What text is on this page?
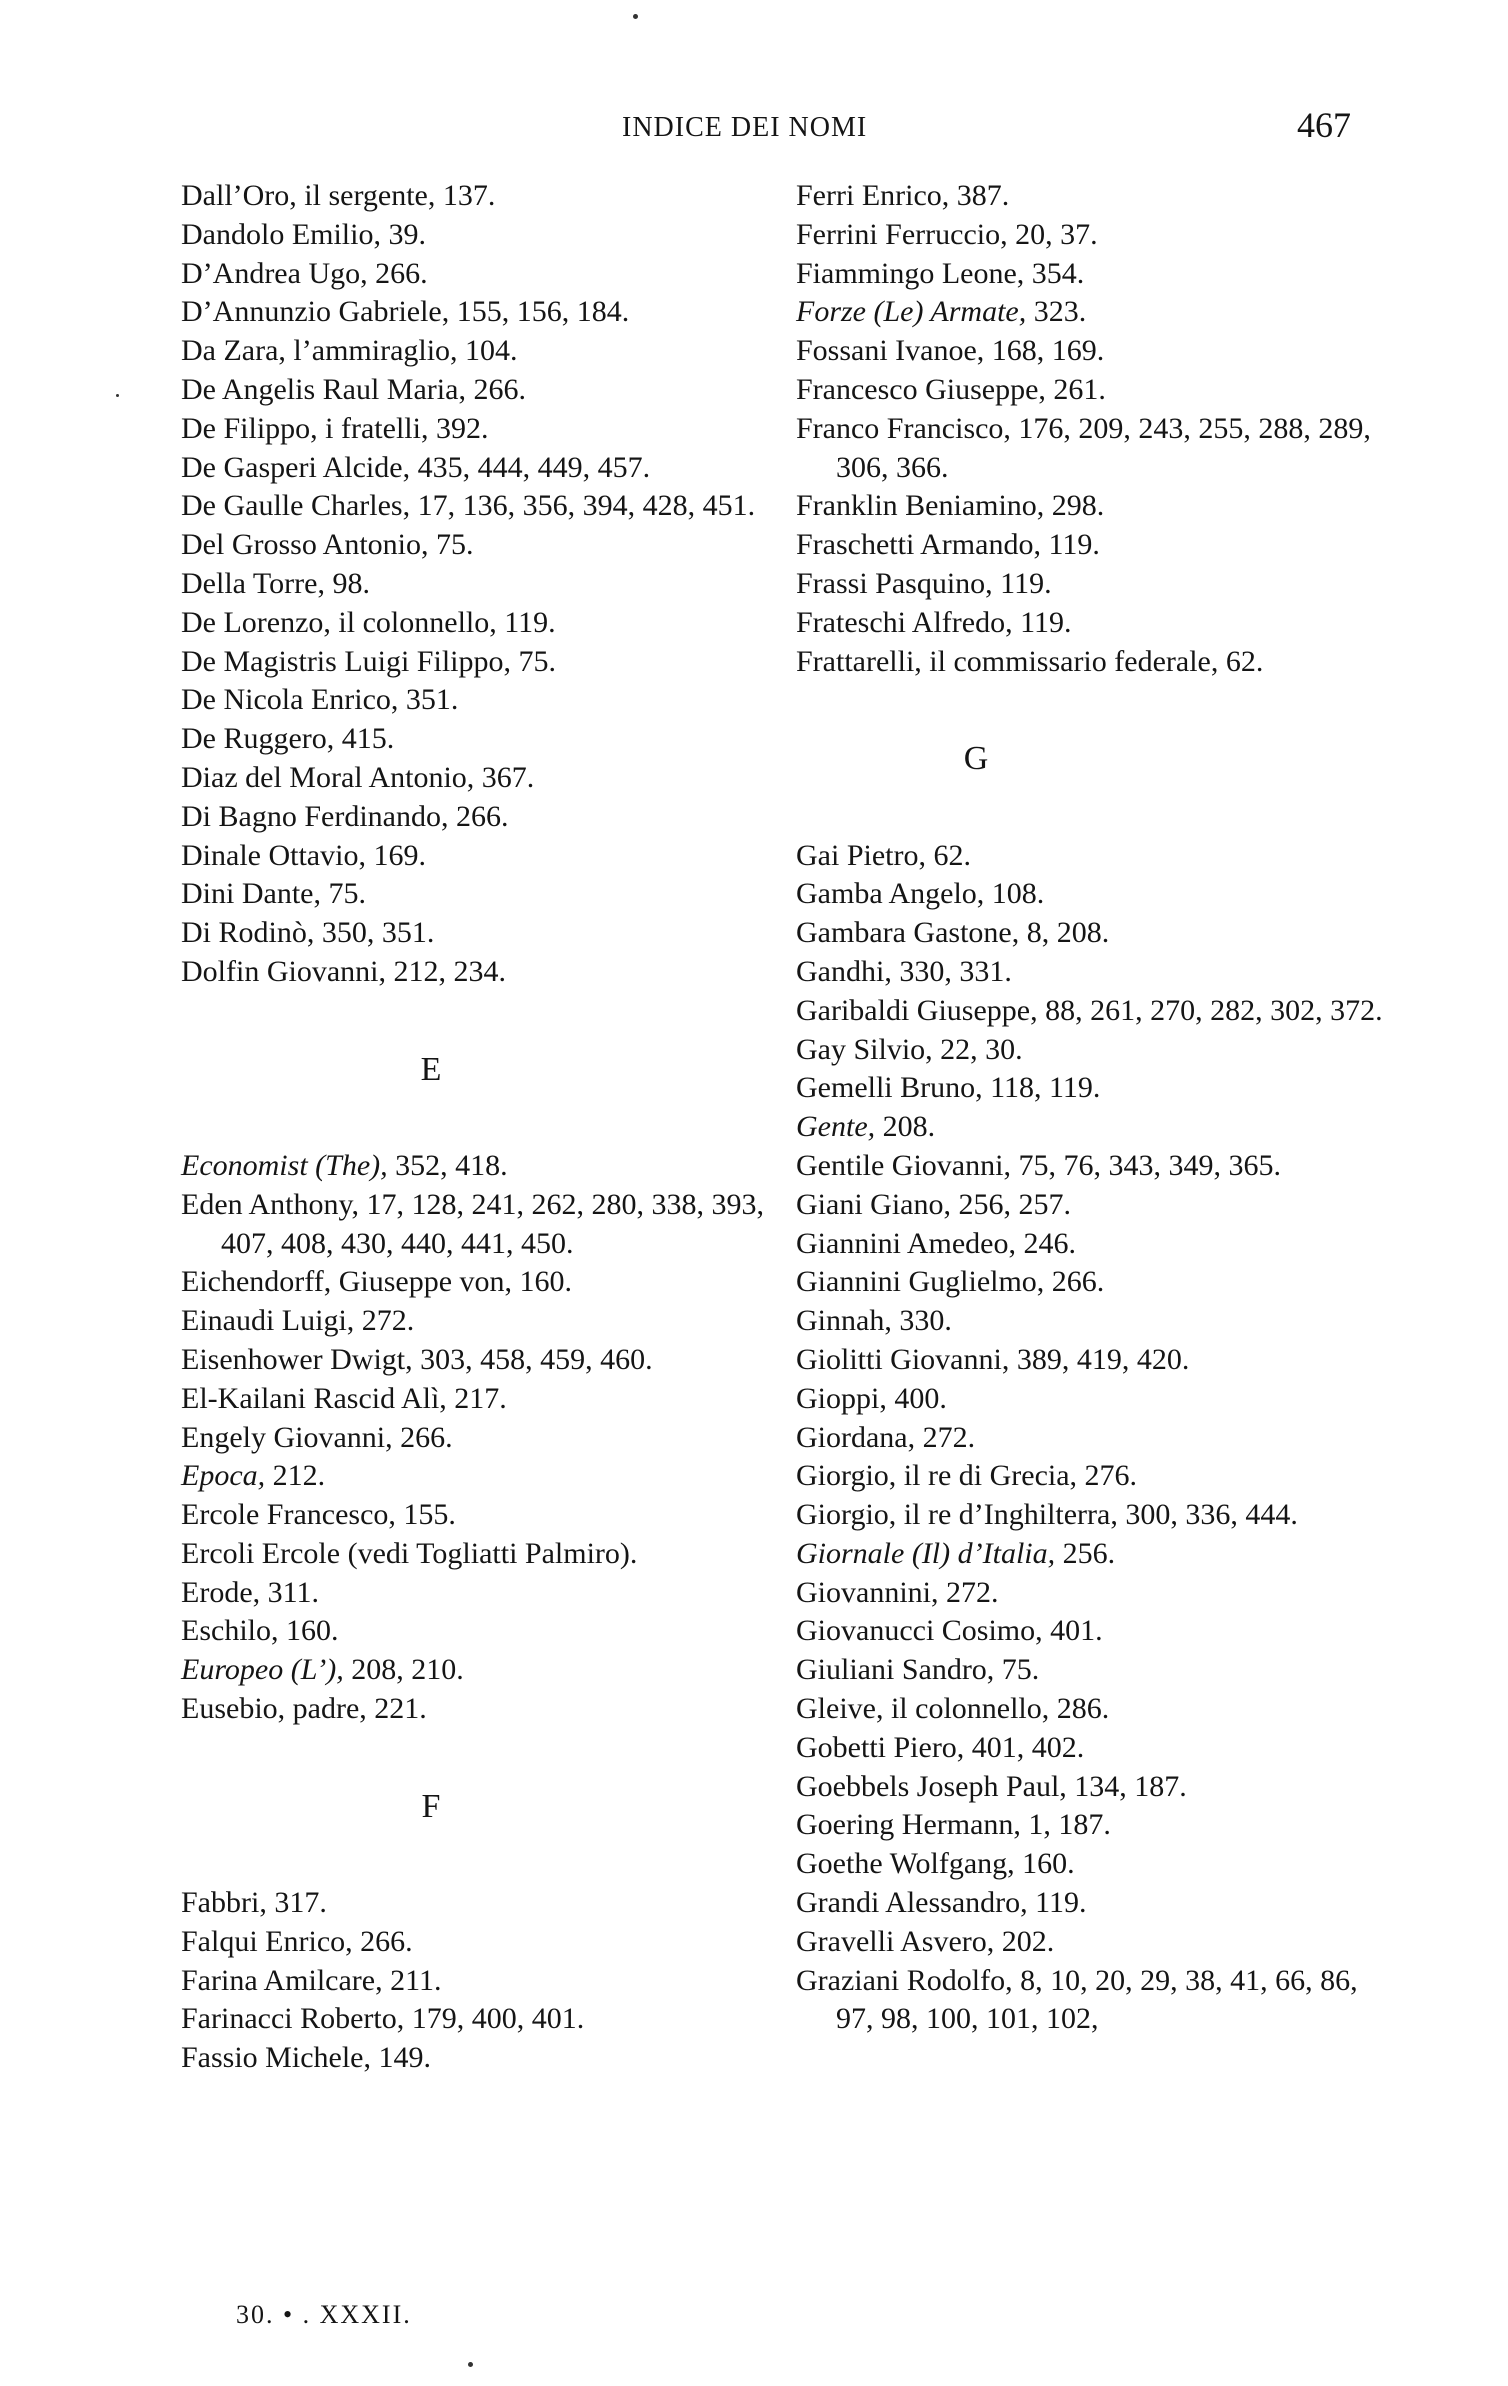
INDICE DEI NOMI	467
Dall’Oro, il sergente, 137.
Dandolo Emilio, 39.
D’Andrea Ugo, 266.
D’Annunzio Gabriele, 155, 156, 184.
Da Zara, l’ammiraglio, 104.
De Angelis Raul Maria, 266.
De Filippo, i fratelli, 392.
De Gasperi Alcide, 435, 444, 449, 457.
De Gaulle Charles, 17, 136, 356, 394, 428, 451.
Del Grosso Antonio, 75.
Della Torre, 98.
De Lorenzo, il colonnello, 119.
De Magistris Luigi Filippo, 75.
De Nicola Enrico, 351.
De Ruggero, 415.
Diaz del Moral Antonio, 367.
Di Bagno Ferdinando, 266.
Dinale Ottavio, 169.
Dini Dante, 75.
Di Rodinò, 350, 351.
Dolfin Giovanni, 212, 234.
E
Economist (The), 352, 418.
Eden Anthony, 17, 128, 241, 262, 280, 338, 393, 407, 408, 430, 440, 441, 450.
Eichendorff, Giuseppe von, 160.
Einaudi Luigi, 272.
Eisenhower Dwigt, 303, 458, 459, 460.
El-Kailani Rascid Alì, 217.
Engely Giovanni, 266.
Epoca, 212.
Ercole Francesco, 155.
Ercoli Ercole (vedi Togliatti Palmiro).
Erode, 311.
Eschilo, 160.
Europeo (L’), 208, 210.
Eusebio, padre, 221.
F
Fabbri, 317.
Falqui Enrico, 266.
Farina Amilcare, 211.
Farinacci Roberto, 179, 400, 401.
Fassio Michele, 149.
Ferri Enrico, 387.
Ferrini Ferruccio, 20, 37.
Fiammingo Leone, 354.
Forze (Le) Armate, 323.
Fossani Ivanoe, 168, 169.
Francesco Giuseppe, 261.
Franco Francisco, 176, 209, 243, 255, 288, 289, 306, 366.
Franklin Beniamino, 298.
Fraschetti Armando, 119.
Frassi Pasquino, 119.
Frateschi Alfredo, 119.
Frattarelli, il commissario federale, 62.
G
Gai Pietro, 62.
Gamba Angelo, 108.
Gambara Gastone, 8, 208.
Gandhi, 330, 331.
Garibaldi Giuseppe, 88, 261, 270, 282, 302, 372.
Gay Silvio, 22, 30.
Gemelli Bruno, 118, 119.
Gente, 208.
Gentile Giovanni, 75, 76, 343, 349, 365.
Giani Giano, 256, 257.
Giannini Amedeo, 246.
Giannini Guglielmo, 266.
Ginnah, 330.
Giolitti Giovanni, 389, 419, 420.
Gioppi, 400.
Giordana, 272.
Giorgio, il re di Grecia, 276.
Giorgio, il re d’Inghilterra, 300, 336, 444.
Giornale (Il) d’Italia, 256.
Giovannini, 272.
Giovanucci Cosimo, 401.
Giuliani Sandro, 75.
Gleive, il colonnello, 286.
Gobetti Piero, 401, 402.
Goebbels Joseph Paul, 134, 187.
Goering Hermann, 1, 187.
Goethe Wolfgang, 160.
Grandi Alessandro, 119.
Gravelli Asvero, 202.
Graziani Rodolfo, 8, 10, 20, 29, 38, 41, 66, 86, 97, 98, 100, 101, 102,
30. • . XXXII.
